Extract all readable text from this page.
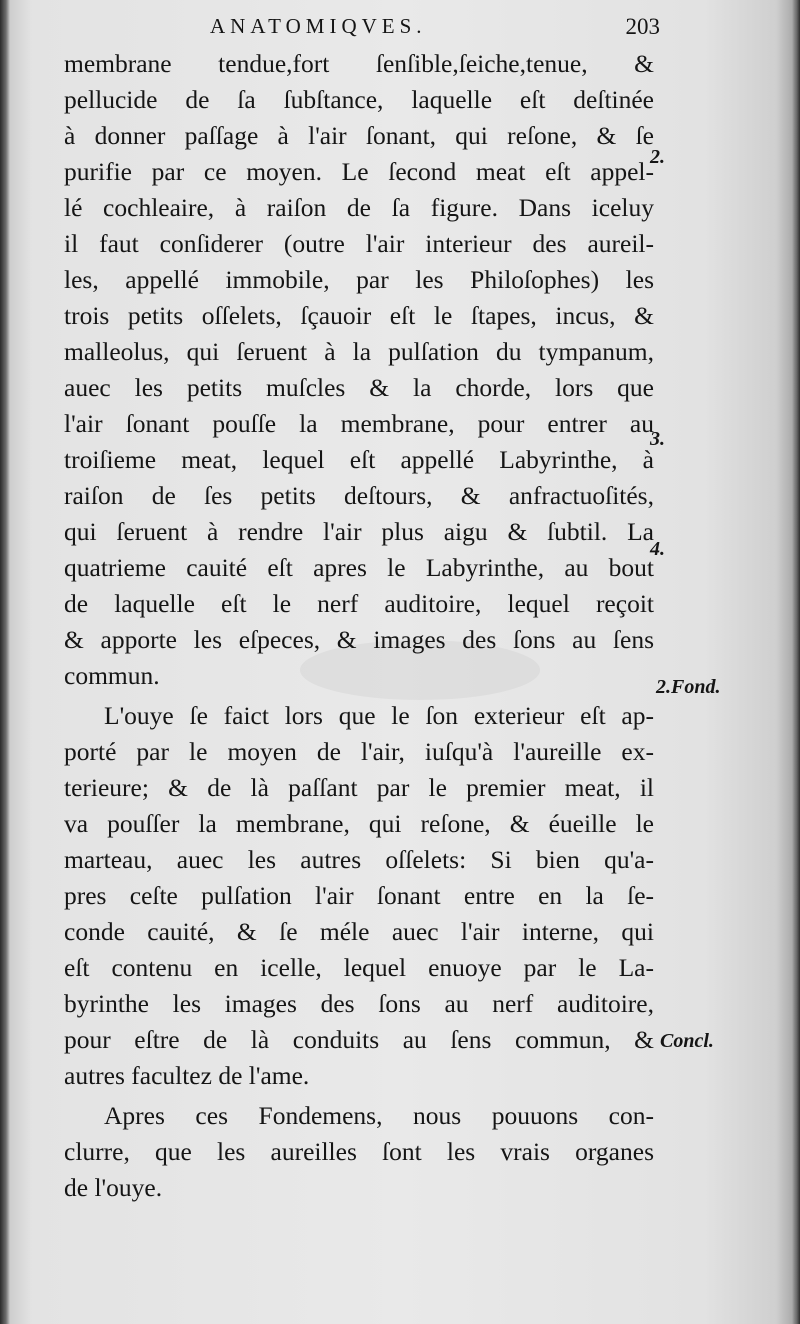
ANATOMIQVES.	203
membrane tendue,fort ſenſible,ſeiche,tenue, &
pellucide de ſa ſubſtance, laquelle eſt deſtinée
à donner paſſage à l'air ſonant, qui reſone, & ſe
purifie par ce moyen. Le ſecond meat eſt appel-
lé cochleaire, à raiſon de ſa figure. Dans iceluy
il faut conſiderer (outre l'air interieur des aureil-
les, appellé immobile, par les Philoſophes) les
trois petits oſſelets, ſçauoir eſt le ſtapes, incus, &
malleolus, qui ſeruent à la pulſation du tympanum,
auec les petits muſcles & la chorde, lors que
l'air ſonant pouſſe la membrane, pour entrer au
troiſieme meat, lequel eſt appellé Labyrinthe, à
raiſon de ſes petits deſtours, & anfractuoſités,
qui ſeruent à rendre l'air plus aigu & ſubtil. La
quatrieme cauité eſt apres le Labyrinthe, au bout
de laquelle eſt le nerf auditoire, lequel reçoit
& apporte les eſpeces, & images des ſons au ſens
commun.
L'ouye ſe faict lors que le ſon exterieur eſt ap-
porté par le moyen de l'air, iuſqu'à l'aureille ex-
terieure; & de là paſſant par le premier meat, il
va pouſſer la membrane, qui reſone, & éueille le
marteau, auec les autres oſſelets: Si bien qu'a-
pres ceſte pulſation l'air ſonant entre en la ſe-
conde cauité, & ſe méle auec l'air interne, qui
eſt contenu en icelle, lequel enuoye par le La-
byrinthe les images des ſons au nerf auditoire,
pour eſtre de là conduits au ſens commun, &
autres facultez de l'ame.
Apres ces Fondemens, nous pouuons con-
clurre, que les aureilles ſont les vrais organes
de l'ouye.
2.
3.
4.
2.Fond.
Concl.
